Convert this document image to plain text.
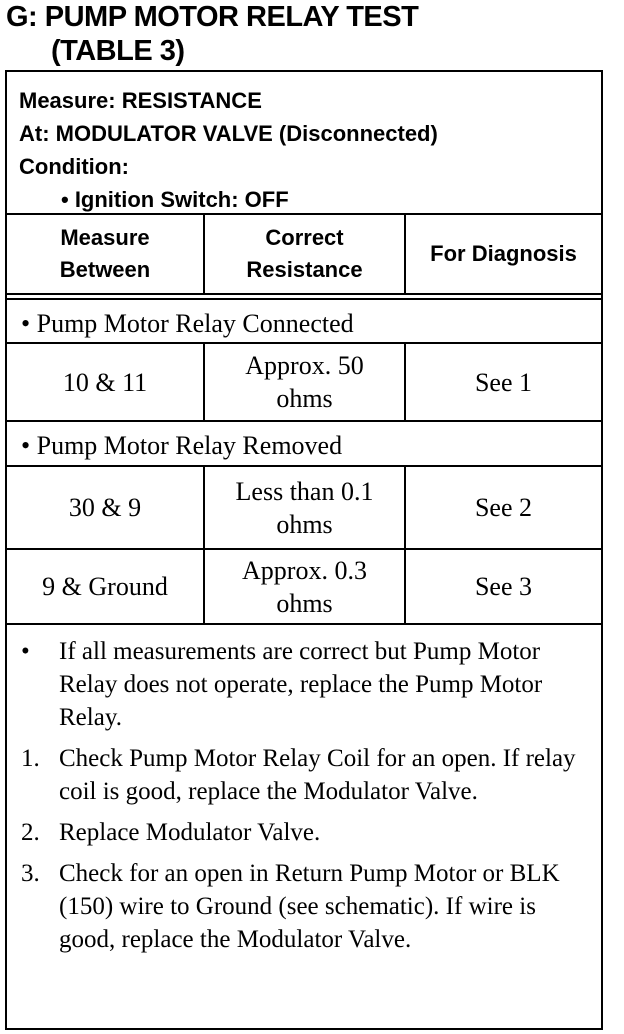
G: PUMP MOTOR RELAY TEST
(TABLE 3)
Measure: RESISTANCE
At: MODULATOR VALVE (Disconnected)
Condition:
• Ignition Switch: OFF
Measure
Between
Correct
Resistance
For Diagnosis
• Pump Motor Relay Connected
10 & 11
Approx. 50
ohms
See 1
• Pump Motor Relay Removed
30 & 9
Less than 0.1
ohms
See 2
9 & Ground
Approx. 0.3
ohms
See 3
•	If all measurements are correct but Pump Motor Relay does not operate, replace the Pump Motor Relay.
1. Check Pump Motor Relay Coil for an open. If relay coil is good, replace the Modulator Valve.
2. Replace Modulator Valve.
3. Check for an open in Return Pump Motor or BLK (150) wire to Ground (see schematic). If wire is good, replace the Modulator Valve.
